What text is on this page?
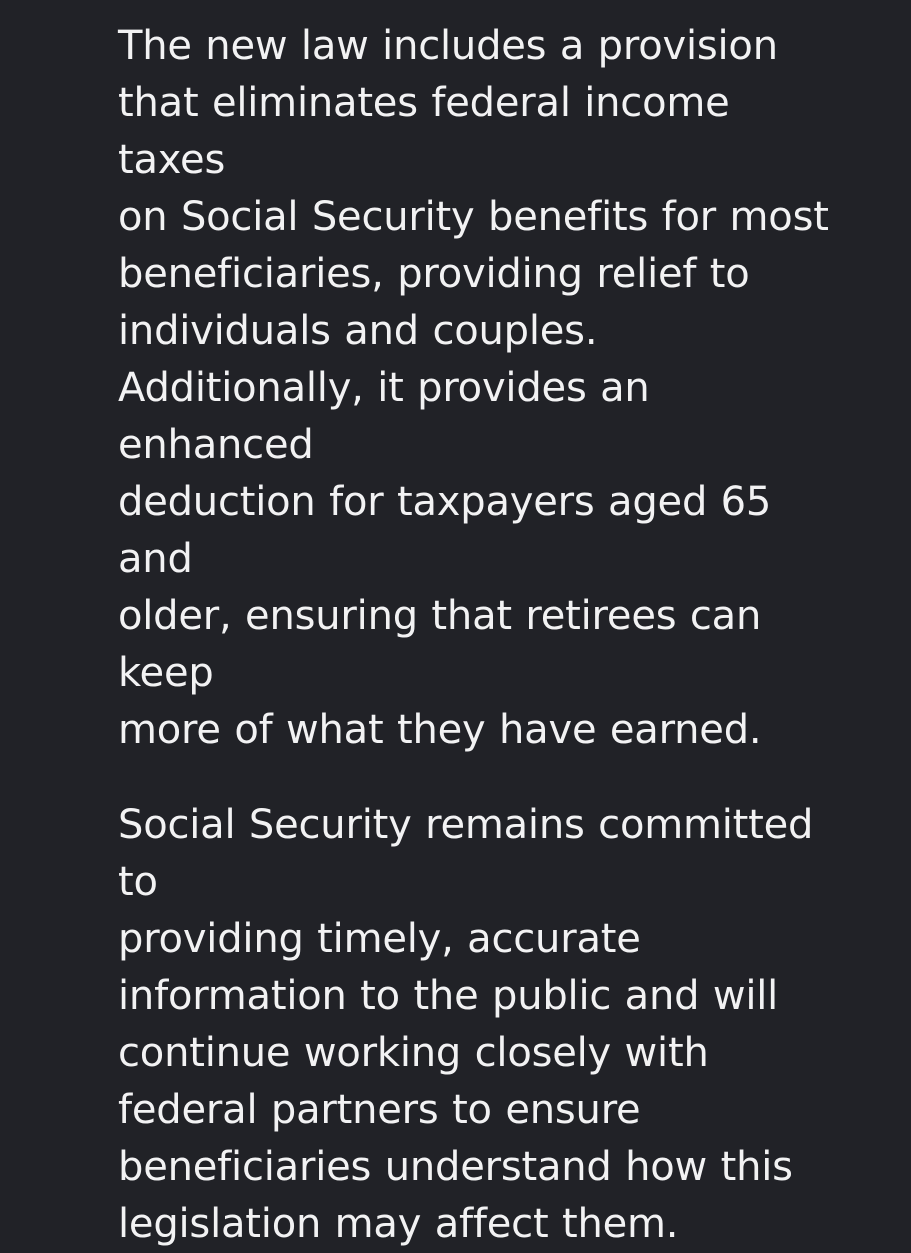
The new law includes a provision
that eliminates federal income taxes
on Social Security benefits for most
beneficiaries, providing relief to
individuals and couples.
Additionally, it provides an enhanced
deduction for taxpayers aged 65 and
older, ensuring that retirees can keep
more of what they have earned.

Social Security remains committed to
providing timely, accurate
information to the public and will
continue working closely with
federal partners to ensure
beneficiaries understand how this
legislation may affect them.
